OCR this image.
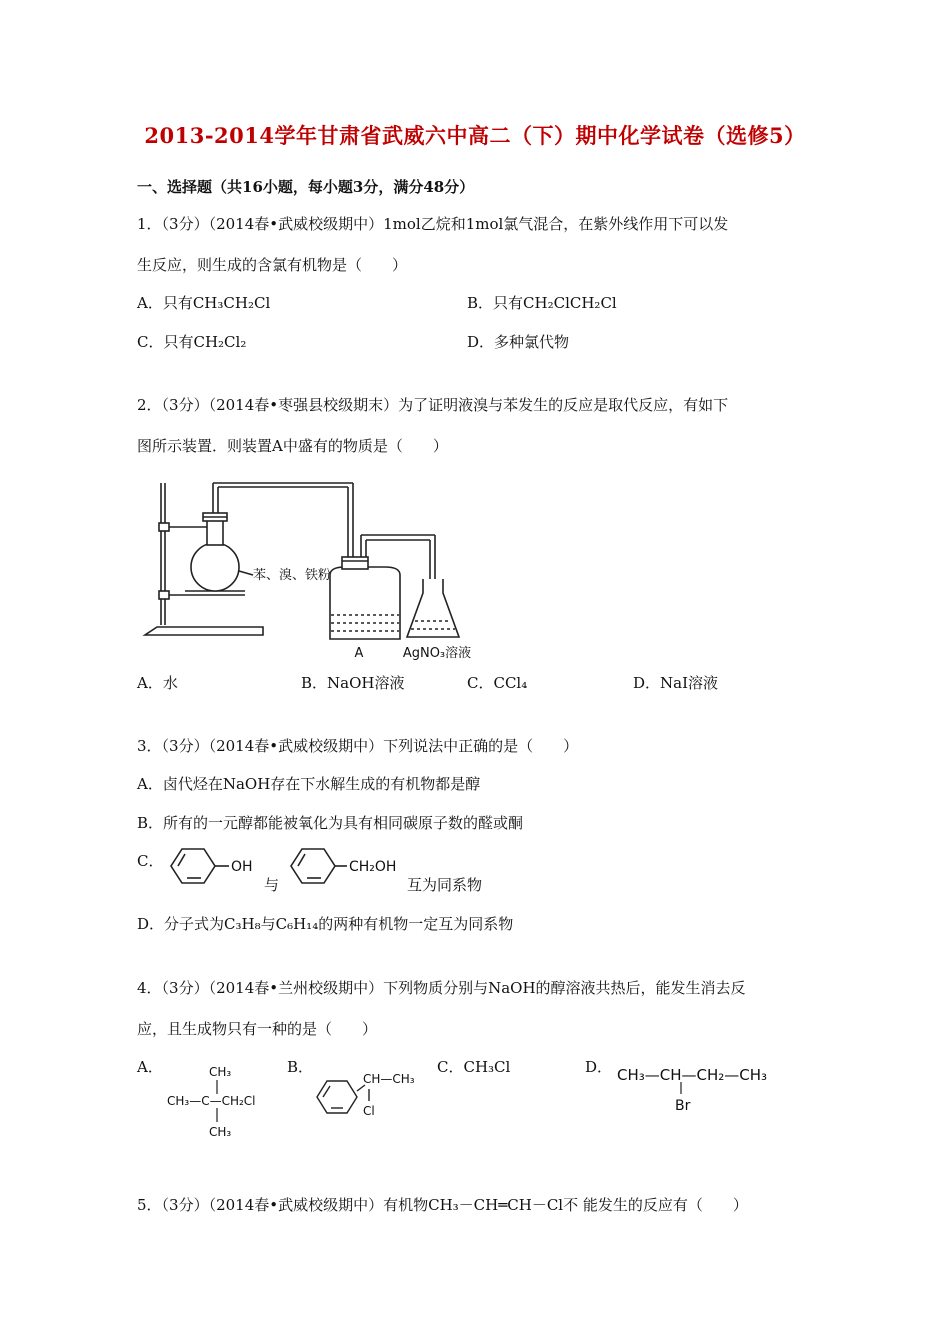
2013-2014学年甘肃省武威六中高二（下）期中化学试卷（选修5）
一、选择题（共16小题，每小题3分，满分48分）
1．（3分）（2014春•武威校级期中）1mol乙烷和1mol氯气混合，在紫外线作用下可以发
生反应，则生成的含氯有机物是（　　）
A．只有CH₃CH₂Cl	B．只有CH₂ClCH₂Cl
C．只有CH₂Cl₂	D．多种氯代物
2．（3分）（2014春•枣强县校级期末）为了证明液溴与苯发生的反应是取代反应，有如下
图所示装置．则装置A中盛有的物质是（　　）
苯、溴、铁粉
A	AgNO₃溶液
A．水	B．NaOH溶液	C．CCl₄	D．NaI溶液
3．（3分）（2014春•武威校级期中）下列说法中正确的是（　　）
A．卤代烃在NaOH存在下水解生成的有机物都是醇
B．所有的一元醇都能被氧化为具有相同碳原子数的醛或酮
C．	OH
与
CH₂OH
互为同系物
D．分子式为C₃H₈与C₆H₁₄的两种有机物一定互为同系物
4．（3分）（2014春•兰州校级期中）下列物质分别与NaOH的醇溶液共热后，能发生消去反
应，且生成物只有一种的是（　　）
A．	CH₃
CH₃—C—CH₂Cl
CH₃
B．
CH—CH₃
Cl
C．CH₃Cl	D． CH₃—CH—CH₂—CH₃
Br
5．（3分）（2014春•武威校级期中）有机物CH₃－CH═CH－Cl不 能发生的反应有（　　）
